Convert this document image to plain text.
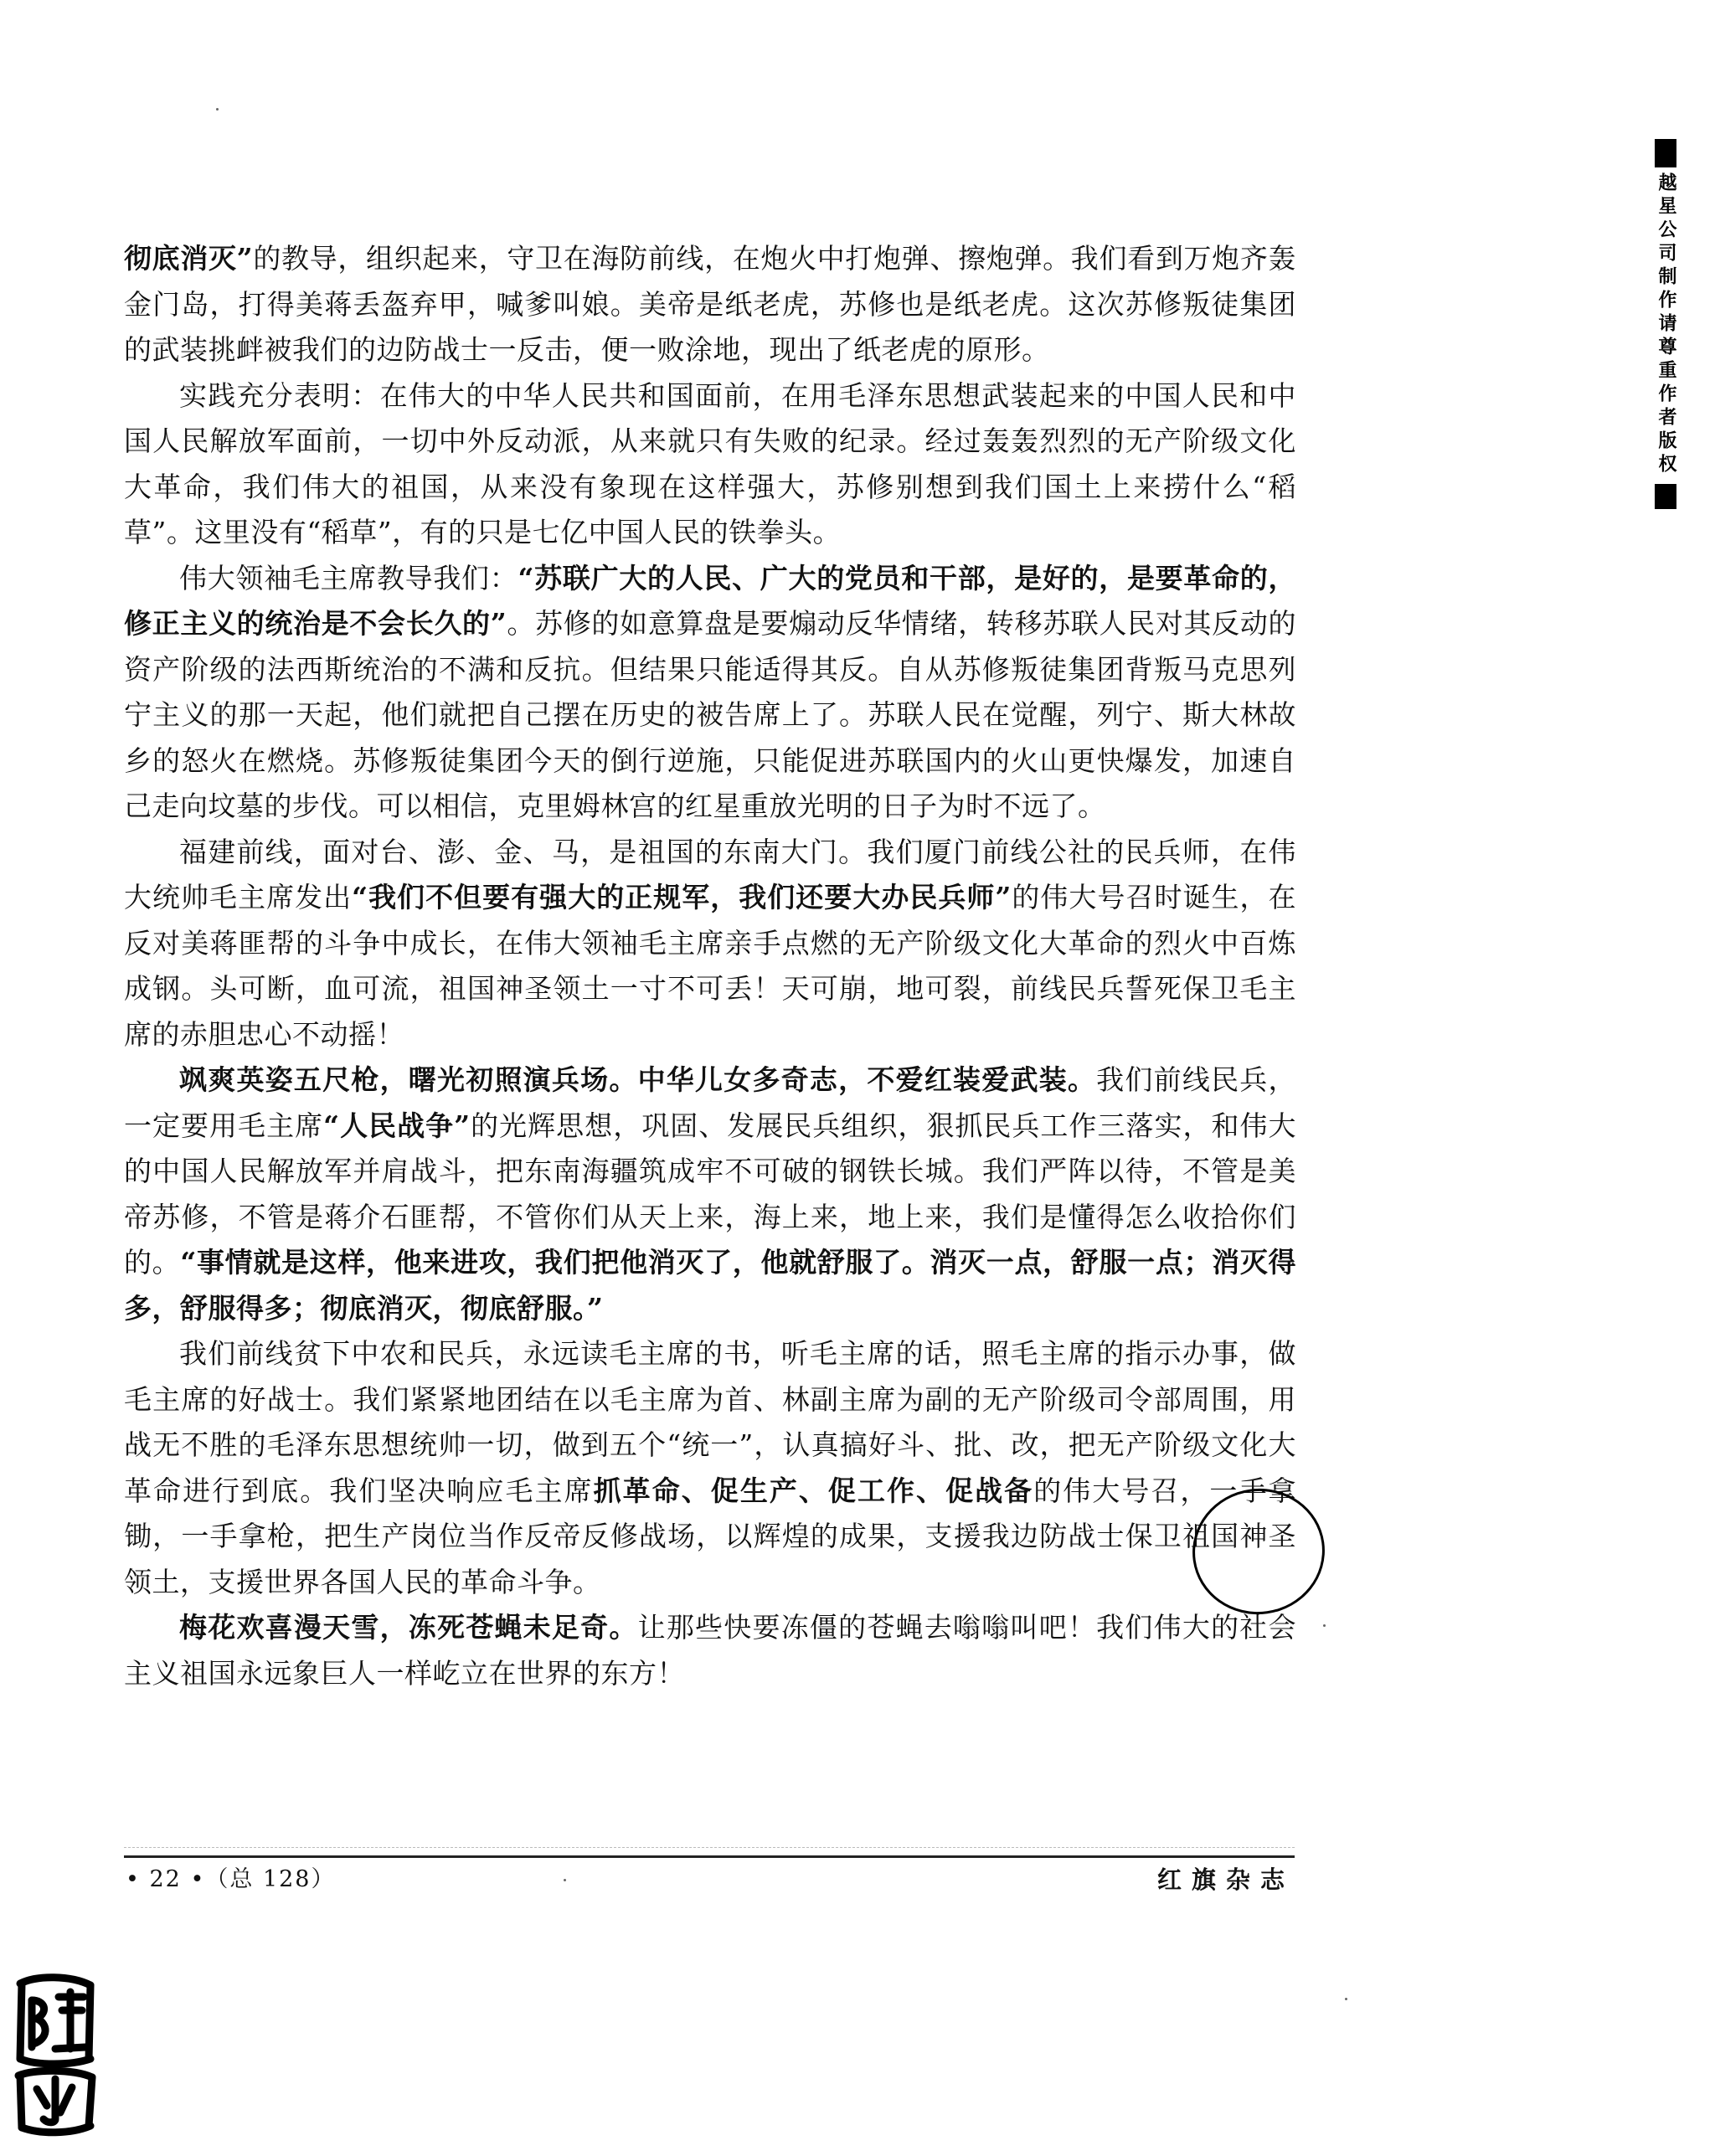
越星公司制作请尊重作者版权

彻底消灭”的教导，组织起来，守卫在海防前线，在炮火中打炮弹、擦炮弹。我们看到万炮齐轰金门岛，打得美蒋丢盔弃甲，喊爹叫娘。美帝是纸老虎，苏修也是纸老虎。这次苏修叛徒集团的武装挑衅被我们的边防战士一反击，便一败涂地，现出了纸老虎的原形。

实践充分表明：在伟大的中华人民共和国面前，在用毛泽东思想武装起来的中国人民和中国人民解放军面前，一切中外反动派，从来就只有失败的纪录。经过轰轰烈烈的无产阶级文化大革命，我们伟大的祖国，从来没有象现在这样强大，苏修别想到我们国土上来捞什么“稻草”。这里没有“稻草”，有的只是七亿中国人民的铁拳头。

伟大领袖毛主席教导我们：“苏联广大的人民、广大的党员和干部，是好的，是要革命的，修正主义的统治是不会长久的”。苏修的如意算盘是要煽动反华情绪，转移苏联人民对其反动的资产阶级的法西斯统治的不满和反抗。但结果只能适得其反。自从苏修叛徒集团背叛马克思列宁主义的那一天起，他们就把自己摆在历史的被告席上了。苏联人民在觉醒，列宁、斯大林故乡的怒火在燃烧。苏修叛徒集团今天的倒行逆施，只能促进苏联国内的火山更快爆发，加速自己走向坟墓的步伐。可以相信，克里姆林宫的红星重放光明的日子为时不远了。

福建前线，面对台、澎、金、马，是祖国的东南大门。我们厦门前线公社的民兵师，在伟大统帅毛主席发出“我们不但要有强大的正规军，我们还要大办民兵师”的伟大号召时诞生，在反对美蒋匪帮的斗争中成长，在伟大领袖毛主席亲手点燃的无产阶级文化大革命的烈火中百炼成钢。头可断，血可流，祖国神圣领土一寸不可丢！天可崩，地可裂，前线民兵誓死保卫毛主席的赤胆忠心不动摇！

飒爽英姿五尺枪，曙光初照演兵场。中华儿女多奇志，不爱红装爱武装。我们前线民兵，一定要用毛主席“人民战争”的光辉思想，巩固、发展民兵组织，狠抓民兵工作三落实，和伟大的中国人民解放军并肩战斗，把东南海疆筑成牢不可破的钢铁长城。我们严阵以待，不管是美帝苏修，不管是蒋介石匪帮，不管你们从天上来，海上来，地上来，我们是懂得怎么收拾你们的。“事情就是这样，他来进攻，我们把他消灭了，他就舒服了。消灭一点，舒服一点；消灭得多，舒服得多；彻底消灭，彻底舒服。”

我们前线贫下中农和民兵，永远读毛主席的书，听毛主席的话，照毛主席的指示办事，做毛主席的好战士。我们紧紧地团结在以毛主席为首、林副主席为副的无产阶级司令部周围，用战无不胜的毛泽东思想统帅一切，做到五个“统一”，认真搞好斗、批、改，把无产阶级文化大革命进行到底。我们坚决响应毛主席抓革命、促生产、促工作、促战备的伟大号召，一手拿锄，一手拿枪，把生产岗位当作反帝反修战场，以辉煌的成果，支援我边防战士保卫祖国神圣领土，支援世界各国人民的革命斗争。

梅花欢喜漫天雪，冻死苍蝇未足奇。让那些快要冻僵的苍蝇去嗡嗡叫吧！我们伟大的社会主义祖国永远象巨人一样屹立在世界的东方！

• 22 •（总 128）	红旗杂志
